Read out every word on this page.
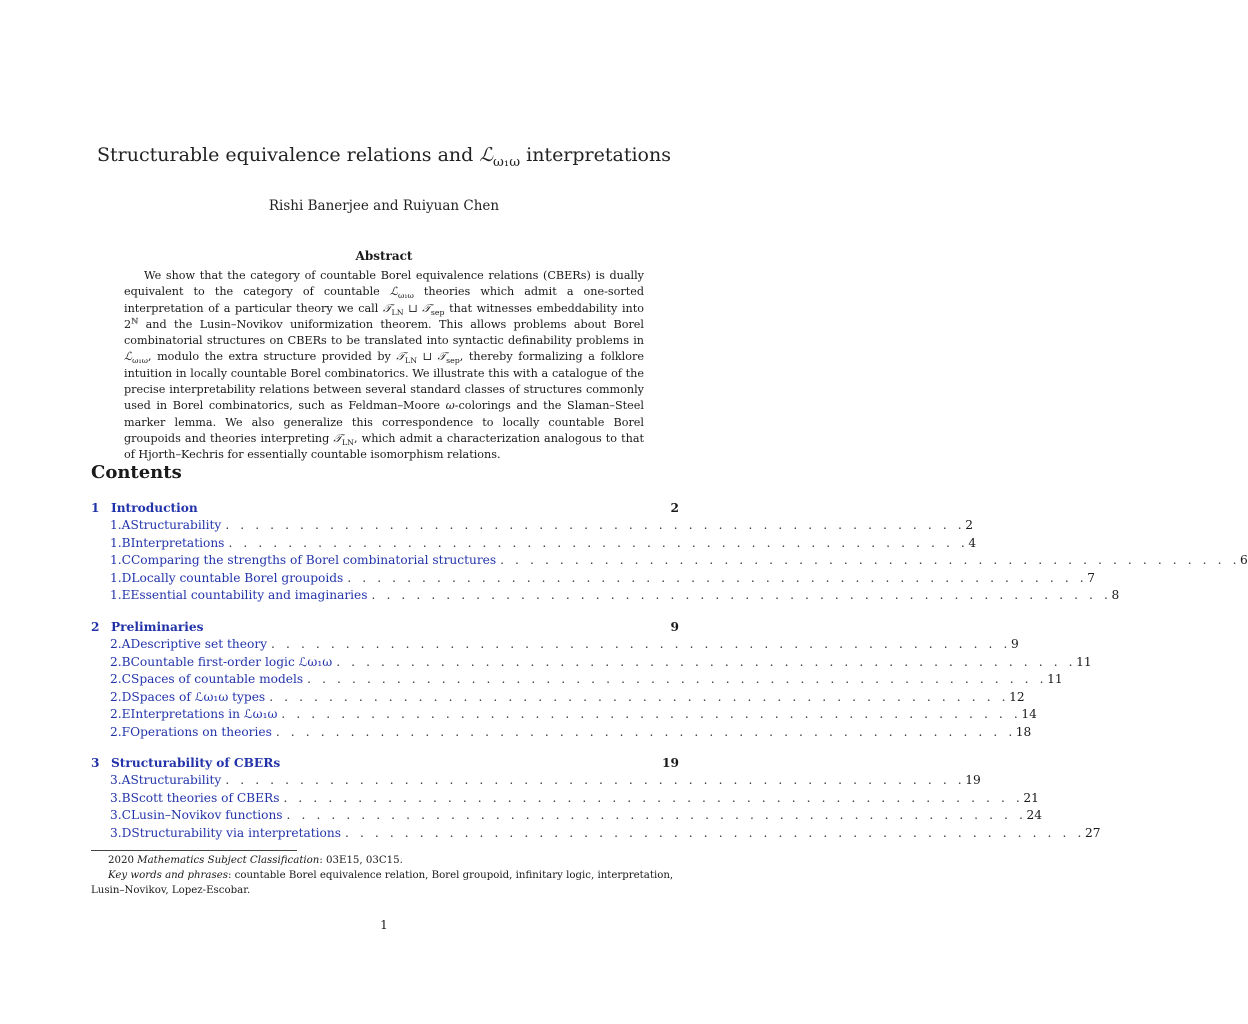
Structurable equivalence relations and ℒ$_{\omega_1\omega}$ interpretations
Rishi Banerjee and Ruiyuan Chen
Abstract
We show that the category of countable Borel equivalence relations (CBERs) is dually equivalent to the category of countable ℒ$_{\omega_1\omega}$ theories which admit a one-sorted interpretation of a particular theory we call 𝒯$_{LN}$ ⊔ 𝒯$_{sep}$ that witnesses embeddability into $2^ℕ$ and the Lusin–Novikov uniformization theorem. This allows problems about Borel combinatorial structures on CBERs to be translated into syntactic definability problems in ℒ$_{\omega_1\omega}$, modulo the extra structure provided by 𝒯$_{LN}$ ⊔ 𝒯$_{sep}$, thereby formalizing a folklore intuition in locally countable Borel combinatorics. We illustrate this with a catalogue of the precise interpretability relations between several standard classes of structures commonly used in Borel combinatorics, such as Feldman–Moore ω-colorings and the Slaman–Steel marker lemma. We also generalize this correspondence to locally countable Borel groupoids and theories interpreting 𝒯$_{LN}$, which admit a characterization analogous to that of Hjorth–Kechris for essentially countable isomorphism relations.
Contents
1 Introduction	2
1.A Structurability . . . . . . . . . . . . . . . . . . . . . . . . . . . . . . . . . . . . . . . . . . . . . . . . . . 2
1.B Interpretations . . . . . . . . . . . . . . . . . . . . . . . . . . . . . . . . . . . . . . . . . . . . . . . . . . 4
1.C Comparing the strengths of Borel combinatorial structures . . . . . . . . . . . . . . . . . . . . . . . . . . . . . . . . . . . . . . . . . . . . . . . . . . 6
1.D Locally countable Borel groupoids . . . . . . . . . . . . . . . . . . . . . . . . . . . . . . . . . . . . . . . . . . . . . . . . . . 7
1.E Essential countability and imaginaries . . . . . . . . . . . . . . . . . . . . . . . . . . . . . . . . . . . . . . . . . . . . . . . . . . 8
2 Preliminaries	9
2.A Descriptive set theory . . . . . . . . . . . . . . . . . . . . . . . . . . . . . . . . . . . . . . . . . . . . . . . . . . 9
2.B Countable first-order logic ℒω₁ω . . . . . . . . . . . . . . . . . . . . . . . . . . . . . . . . . . . . . . . . . . . . . . . . . . 11
2.C Spaces of countable models . . . . . . . . . . . . . . . . . . . . . . . . . . . . . . . . . . . . . . . . . . . . . . . . . . 11
2.D Spaces of ℒω₁ω types . . . . . . . . . . . . . . . . . . . . . . . . . . . . . . . . . . . . . . . . . . . . . . . . . . 12
2.E Interpretations in ℒω₁ω . . . . . . . . . . . . . . . . . . . . . . . . . . . . . . . . . . . . . . . . . . . . . . . . . . 14
2.F Operations on theories . . . . . . . . . . . . . . . . . . . . . . . . . . . . . . . . . . . . . . . . . . . . . . . . . . 18
3 Structurability of CBERs	19
3.A Structurability . . . . . . . . . . . . . . . . . . . . . . . . . . . . . . . . . . . . . . . . . . . . . . . . . . 19
3.B Scott theories of CBERs . . . . . . . . . . . . . . . . . . . . . . . . . . . . . . . . . . . . . . . . . . . . . . . . . . 21
3.C Lusin–Novikov functions . . . . . . . . . . . . . . . . . . . . . . . . . . . . . . . . . . . . . . . . . . . . . . . . . . 24
3.D Structurability via interpretations . . . . . . . . . . . . . . . . . . . . . . . . . . . . . . . . . . . . . . . . . . . . . . . . . . 27
2020 Mathematics Subject Classification: 03E15, 03C15.
Key words and phrases: countable Borel equivalence relation, Borel groupoid, infinitary logic, interpretation,
Lusin–Novikov, Lopez-Escobar.
1
